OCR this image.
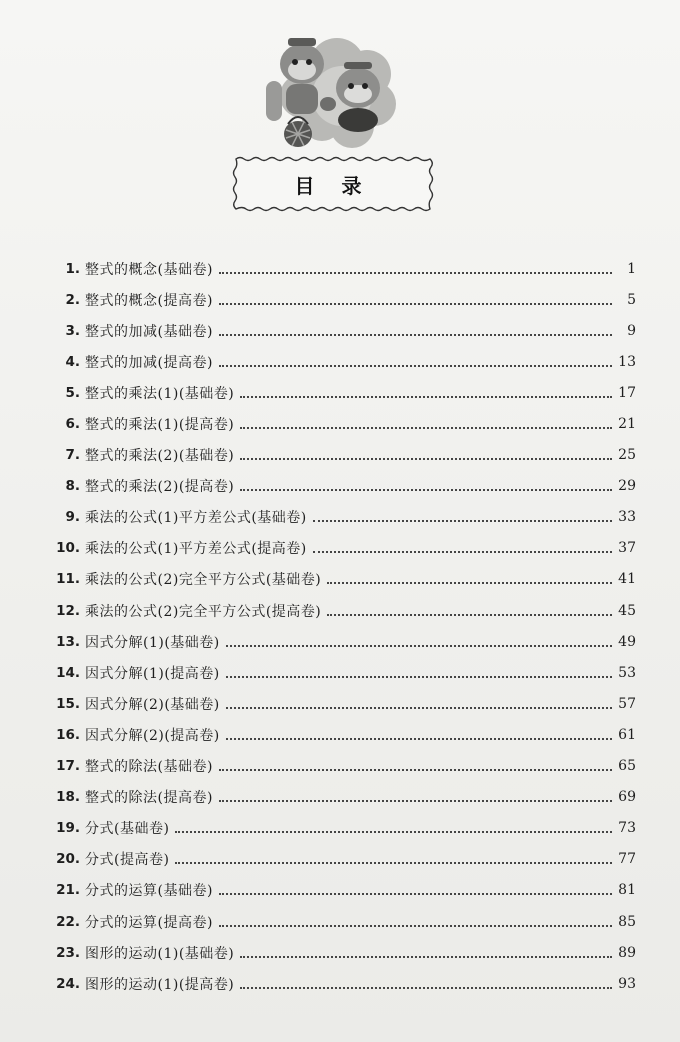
目 录
1. 整式的概念(基础卷)	1
2. 整式的概念(提高卷)	5
3. 整式的加减(基础卷)	9
4. 整式的加减(提高卷)	13
5. 整式的乘法(1)(基础卷)	17
6. 整式的乘法(1)(提高卷)	21
7. 整式的乘法(2)(基础卷)	25
8. 整式的乘法(2)(提高卷)	29
9. 乘法的公式(1)平方差公式(基础卷)	33
10. 乘法的公式(1)平方差公式(提高卷)	37
11. 乘法的公式(2)完全平方公式(基础卷)	41
12. 乘法的公式(2)完全平方公式(提高卷)	45
13. 因式分解(1)(基础卷)	49
14. 因式分解(1)(提高卷)	53
15. 因式分解(2)(基础卷)	57
16. 因式分解(2)(提高卷)	61
17. 整式的除法(基础卷)	65
18. 整式的除法(提高卷)	69
19. 分式(基础卷)	73
20. 分式(提高卷)	77
21. 分式的运算(基础卷)	81
22. 分式的运算(提高卷)	85
23. 图形的运动(1)(基础卷)	89
24. 图形的运动(1)(提高卷)	93
